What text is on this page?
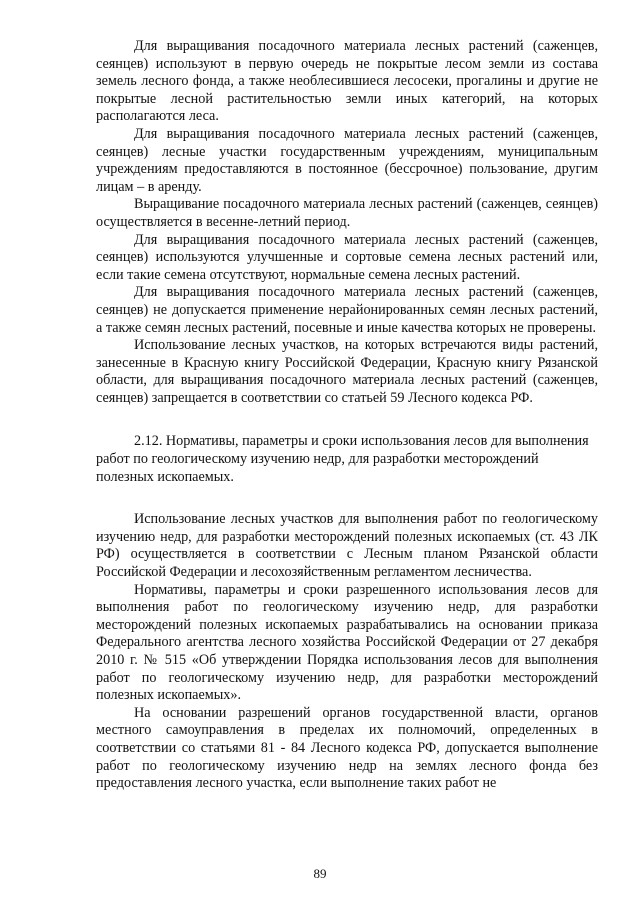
Для выращивания посадочного материала лесных растений (саженцев, сеянцев) используют в первую очередь не покрытые лесом земли из состава земель лесного фонда, а также необлесившиеся лесосеки, прогалины и другие не покрытые лесной растительностью земли иных категорий, на которых располагаются леса.

Для выращивания посадочного материала лесных растений (саженцев, сеянцев) лесные участки государственным учреждениям, муниципальным учреждениям предоставляются в постоянное (бессрочное) пользование, другим лицам – в аренду.

Выращивание посадочного материала лесных растений (саженцев, сеянцев) осуществляется в весенне-летний период.

Для выращивания посадочного материала лесных растений (саженцев, сеянцев) используются улучшенные и сортовые семена лесных растений или, если такие семена отсутствуют, нормальные семена лесных растений.

Для выращивания посадочного материала лесных растений (саженцев, сеянцев) не допускается применение нерайонированных семян лесных растений, а также семян лесных растений, посевные и иные качества которых не проверены.

Использование лесных участков, на которых встречаются виды растений, занесенные в Красную книгу Российской Федерации, Красную книгу Рязанской области, для выращивания посадочного материала лесных растений (саженцев, сеянцев) запрещается в соответствии со статьей 59 Лесного кодекса РФ.

2.12. Нормативы, параметры и сроки использования лесов для выполнения работ по геологическому изучению недр, для разработки месторождений полезных ископаемых.

Использование лесных участков для выполнения работ по геологическому изучению недр, для разработки месторождений полезных ископаемых (ст. 43 ЛК РФ) осуществляется в соответствии с Лесным планом Рязанской области Российской Федерации и лесохозяйственным регламентом лесничества.

Нормативы, параметры и сроки разрешенного использования лесов для выполнения работ по геологическому изучению недр, для разработки месторождений полезных ископаемых разрабатывались на основании приказа Федерального агентства лесного хозяйства Российской Федерации от 27 декабря 2010 г. № 515 «Об утверждении Порядка использования лесов для выполнения работ по геологическому изучению недр, для разработки месторождений полезных ископаемых».

На основании разрешений органов государственной власти, органов местного самоуправления в пределах их полномочий, определенных в соответствии со статьями 81 - 84 Лесного кодекса РФ, допускается выполнение работ по геологическому изучению недр на землях лесного фонда без предоставления лесного участка, если выполнение таких работ не

89
